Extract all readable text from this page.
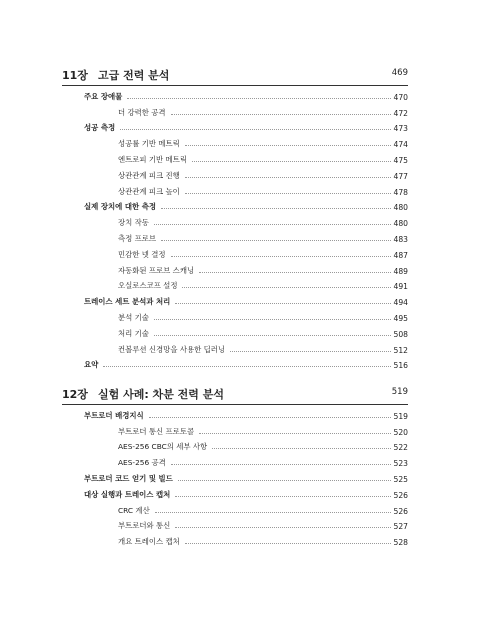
11장 고급 전력 분석	469
주요 장애물	470
더 강력한 공격	472
성공 측정	473
성공률 기반 메트릭	474
엔트로피 기반 메트릭	475
상관관계 피크 진행	477
상관관계 피크 높이	478
실제 장치에 대한 측정	480
장치 작동	480
측정 프로브	483
민감한 넷 결정	487
자동화된 프로브 스캐닝	489
오실로스코프 설정	491
트레이스 세트 분석과 처리	494
분석 기술	495
처리 기술	508
컨볼루션 신경망을 사용한 딥러닝	512
요약	516
12장 실험 사례: 차분 전력 분석	519
부트로더 배경지식	519
부트로더 통신 프로토콜	520
AES-256 CBC의 세부 사항	522
AES-256 공격	523
부트로더 코드 얻기 및 빌드	525
대상 실행과 트레이스 캡처	526
CRC 계산	526
부트로더와 통신	527
개요 트레이스 캡처	528
